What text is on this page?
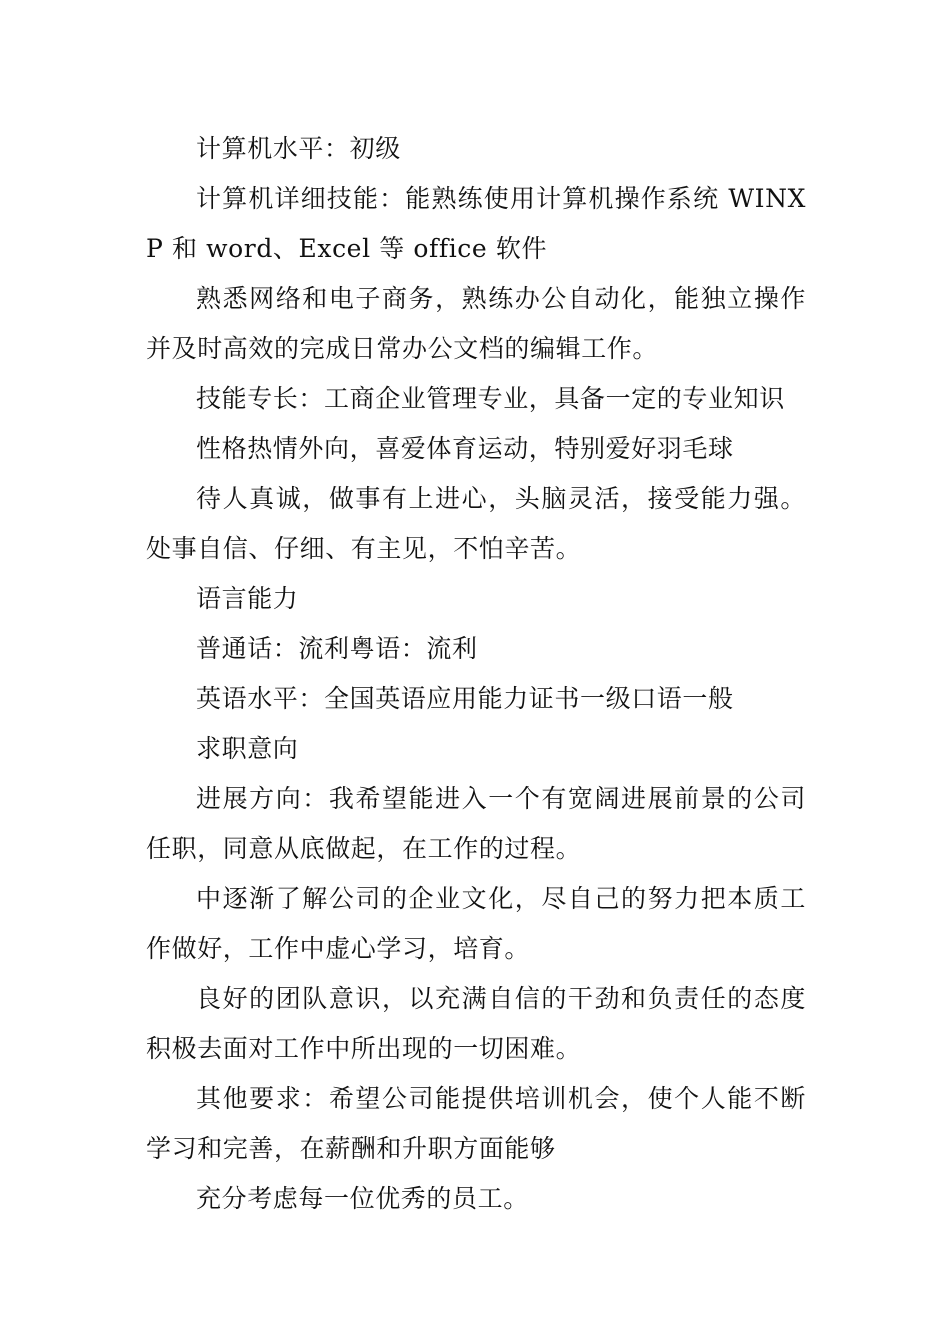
计算机水平：初级

计算机详细技能：能熟练使用计算机操作系统 WINXP 和 word、Excel 等 office 软件

熟悉网络和电子商务，熟练办公自动化，能独立操作并及时高效的完成日常办公文档的编辑工作。

技能专长：工商企业管理专业，具备一定的专业知识

性格热情外向，喜爱体育运动，特别爱好羽毛球

待人真诚，做事有上进心，头脑灵活，接受能力强。处事自信、仔细、有主见，不怕辛苦。

语言能力

普通话：流利粤语：流利

英语水平：全国英语应用能力证书一级口语一般

求职意向

进展方向：我希望能进入一个有宽阔进展前景的公司任职，同意从底做起，在工作的过程。

中逐渐了解公司的企业文化，尽自己的努力把本质工作做好，工作中虚心学习，培育。

良好的团队意识，以充满自信的干劲和负责任的态度积极去面对工作中所出现的一切困难。

其他要求：希望公司能提供培训机会，使个人能不断学习和完善，在薪酬和升职方面能够

充分考虑每一位优秀的员工。
